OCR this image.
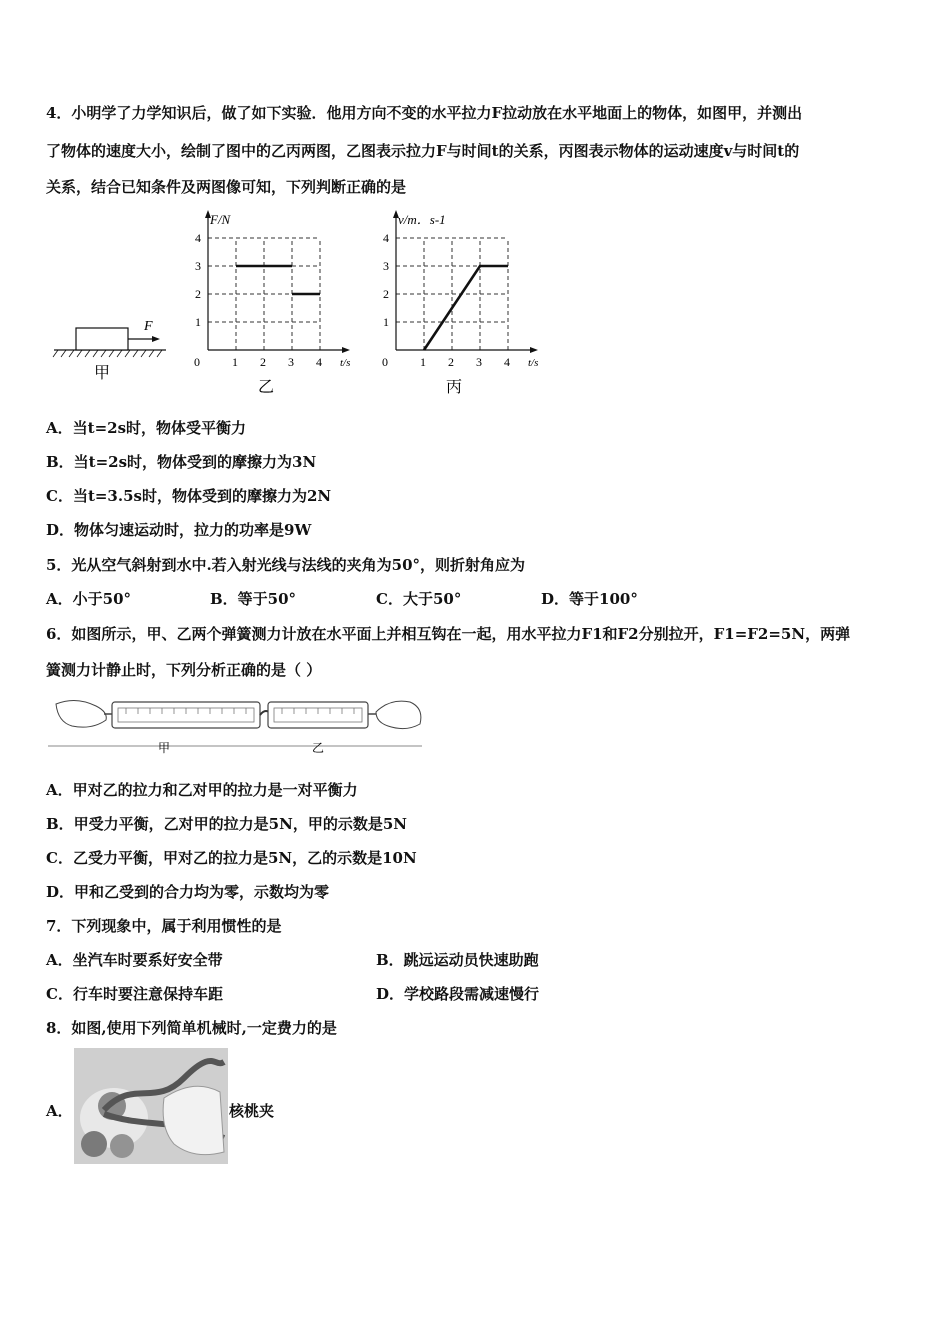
4．小明学了力学知识后，做了如下实验．他用方向不变的水平拉力F拉动放在水平地面上的物体，如图甲，并测出
了物体的速度大小，绘制了图中的乙丙两图，乙图表示拉力F与时间t的关系，丙图表示物体的运动速度v与时间t的
关系，结合已知条件及两图像可知，下列判断正确的是
F
甲
0	1 2 3 4
1
2
3
4
t/s
F/N
乙
0	1 2 3 4
1
2
3
4
t/s
v/m．s-1
丙
A．当t=2s时，物体受平衡力
B．当t=2s时，物体受到的摩擦力为3N
C．当t=3.5s时，物体受到的摩擦力为2N
D．物体匀速运动时，拉力的功率是9W
5．光从空气斜射到水中.若入射光线与法线的夹角为50°，则折射角应为
A．小于50°	B．等于50°	C．大于50°	D．等于100°
6．如图所示，甲、乙两个弹簧测力计放在水平面上并相互钩在一起，用水平拉力F1和F2分别拉开，F1=F2=5N，两弹
簧测力计静止时，下列分析正确的是（ ）
甲	乙
A．甲对乙的拉力和乙对甲的拉力是一对平衡力
B．甲受力平衡，乙对甲的拉力是5N，甲的示数是5N
C．乙受力平衡，甲对乙的拉力是5N，乙的示数是10N
D．甲和乙受到的合力均为零，示数均为零
7．下列现象中，属于利用惯性的是
A．坐汽车时要系好安全带	B．跳远运动员快速助跑
C．行车时要注意保持车距	D．学校路段需减速慢行
8．如图,使用下列简单机械时,一定费力的是
A．	核桃夹
